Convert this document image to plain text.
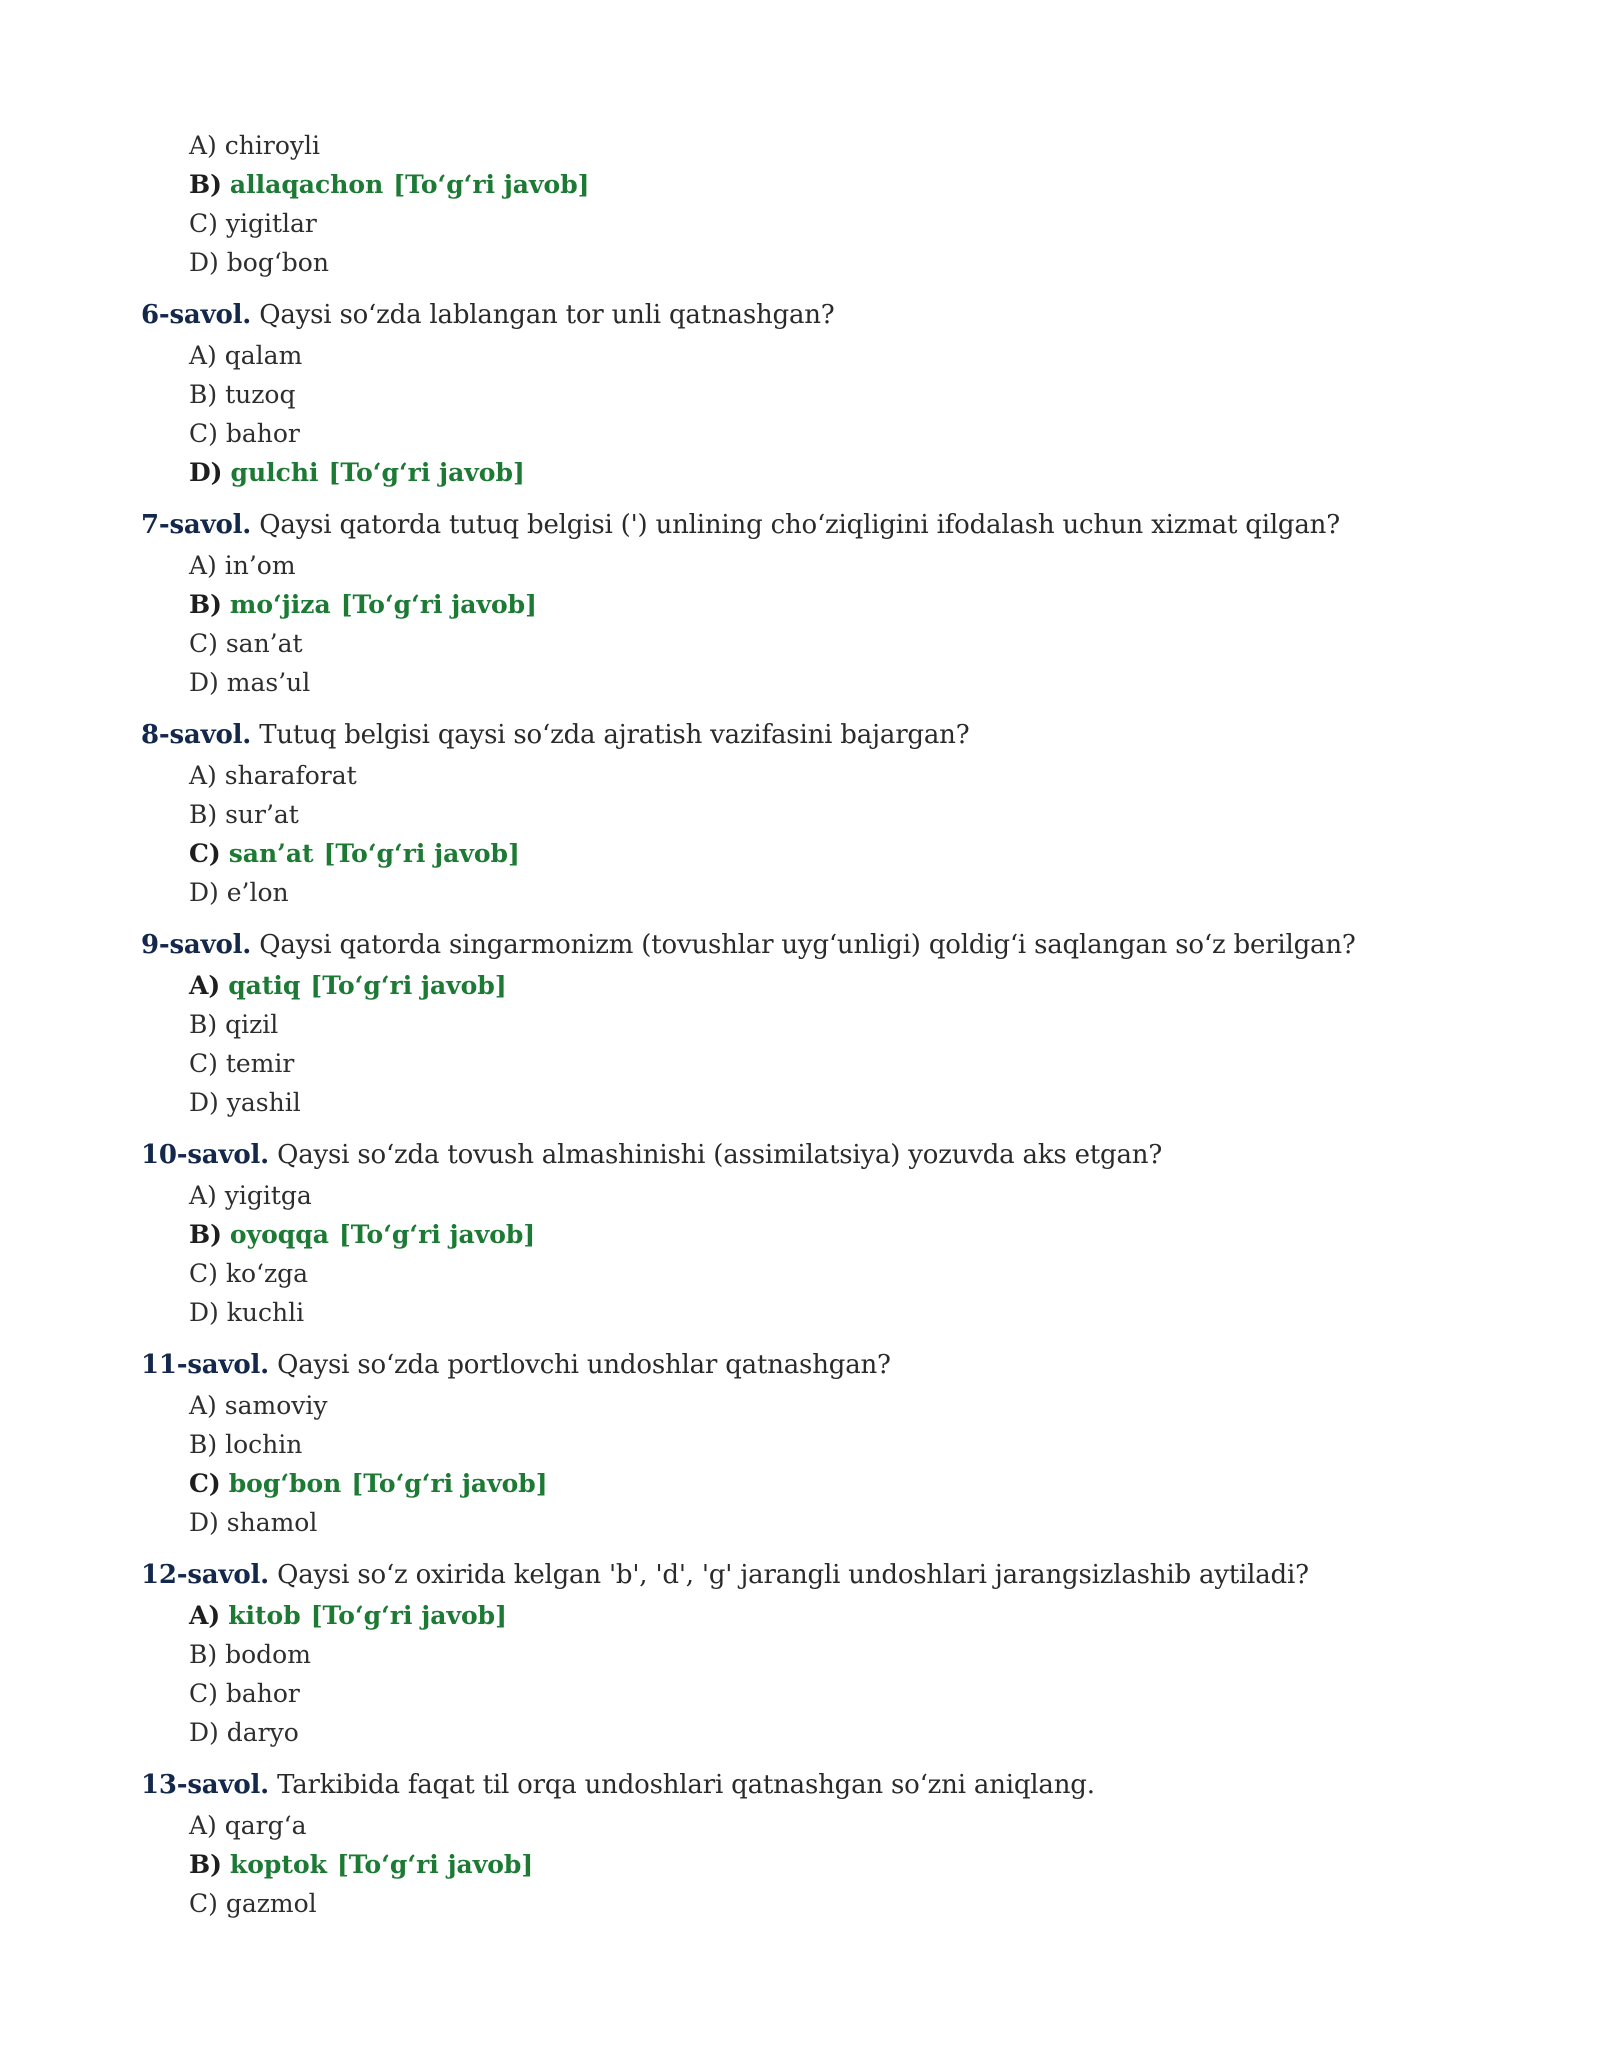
A) chiroyli
B) allaqachon [To‘g‘ri javob]
C) yigitlar
D) bog‘bon
6-savol. Qaysi so‘zda lablangan tor unli qatnashgan?
A) qalam
B) tuzoq
C) bahor
D) gulchi [To‘g‘ri javob]
7-savol. Qaysi qatorda tutuq belgisi (') unlining cho‘ziqligini ifodalash uchun xizmat qilgan?
A) in’om
B) mo‘jiza [To‘g‘ri javob]
C) san’at
D) mas’ul
8-savol. Tutuq belgisi qaysi so‘zda ajratish vazifasini bajargan?
A) sharaforat
B) sur’at
C) san’at [To‘g‘ri javob]
D) e’lon
9-savol. Qaysi qatorda singarmonizm (tovushlar uyg‘unligi) qoldig‘i saqlangan so‘z berilgan?
A) qatiq [To‘g‘ri javob]
B) qizil
C) temir
D) yashil
10-savol. Qaysi so‘zda tovush almashinishi (assimilatsiya) yozuvda aks etgan?
A) yigitga
B) oyoqqa [To‘g‘ri javob]
C) ko‘zga
D) kuchli
11-savol. Qaysi so‘zda portlovchi undoshlar qatnashgan?
A) samoviy
B) lochin
C) bog‘bon [To‘g‘ri javob]
D) shamol
12-savol. Qaysi so‘z oxirida kelgan 'b', 'd', 'g' jarangli undoshlari jarangsizlashib aytiladi?
A) kitob [To‘g‘ri javob]
B) bodom
C) bahor
D) daryo
13-savol. Tarkibida faqat til orqa undoshlari qatnashgan so‘zni aniqlang.
A) qarg‘a
B) koptok [To‘g‘ri javob]
C) gazmol
